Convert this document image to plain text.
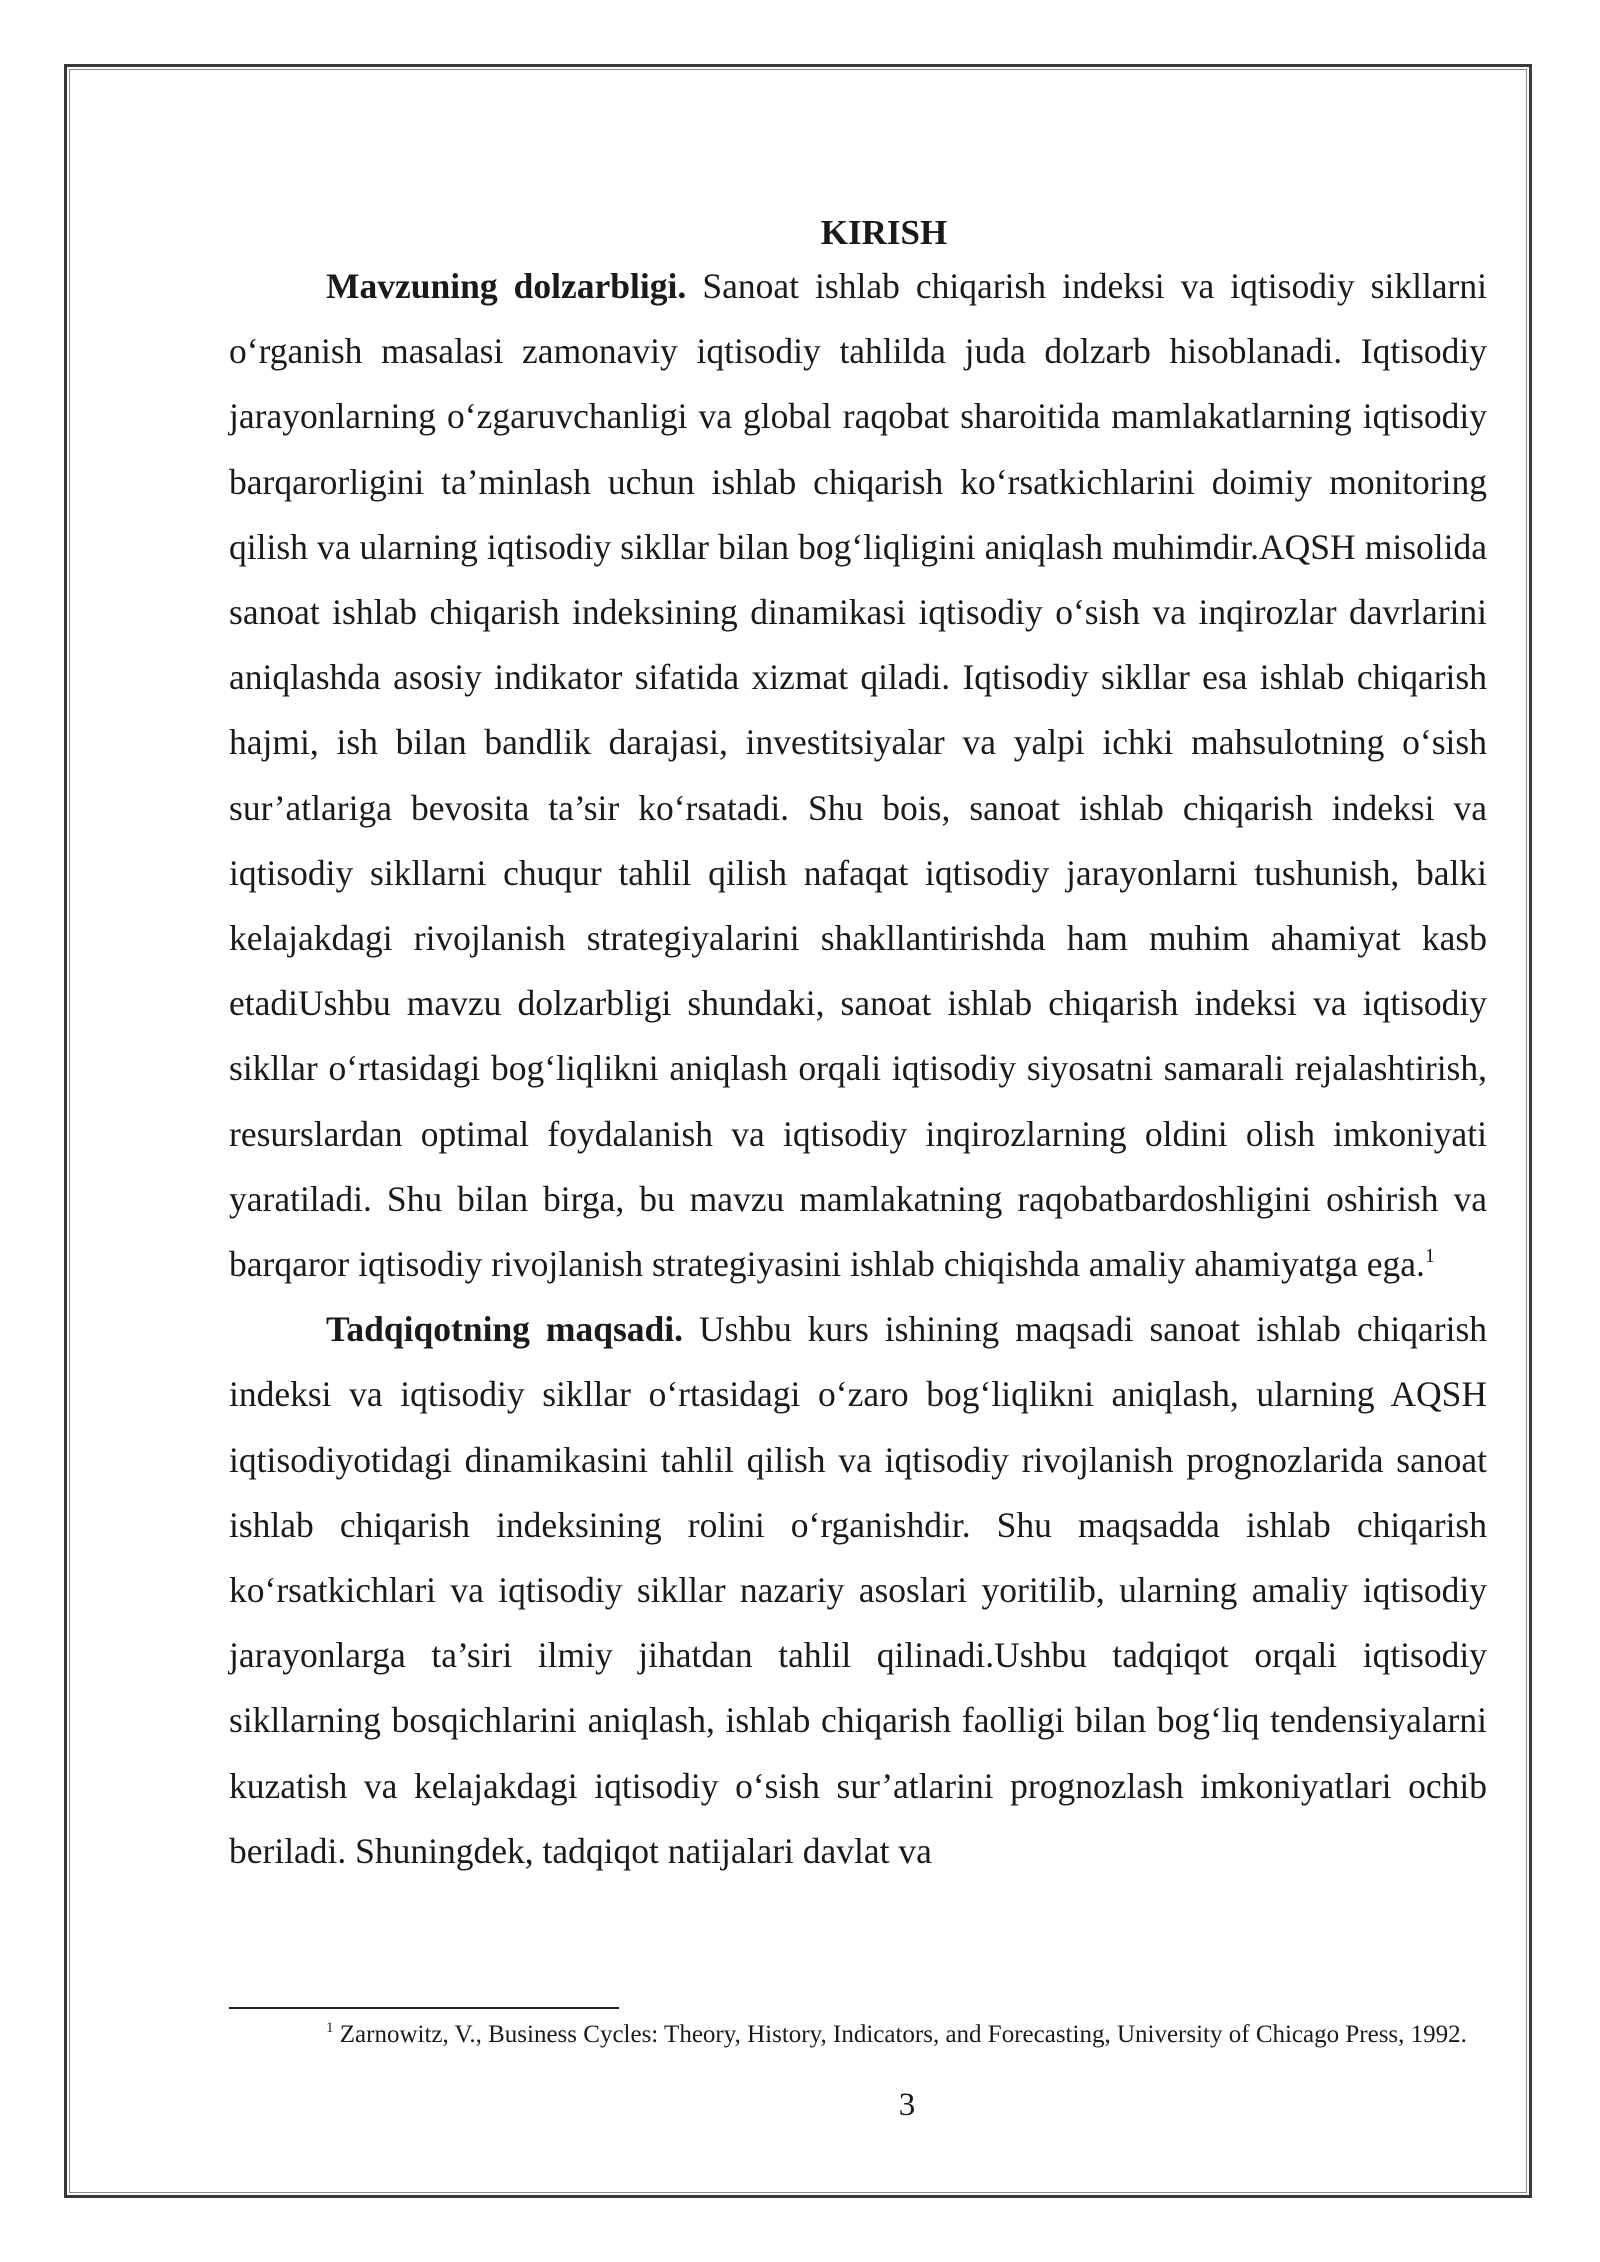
KIRISH

Mavzuning dolzarbligi. Sanoat ishlab chiqarish indeksi va iqtisodiy sikllarni o‘rganish masalasi zamonaviy iqtisodiy tahlilda juda dolzarb hisoblanadi. Iqtisodiy jarayonlarning o‘zgaruvchanligi va global raqobat sharoitida mamlakatlarning iqtisodiy barqarorligini ta’minlash uchun ishlab chiqarish ko‘rsatkichlarini doimiy monitoring qilish va ularning iqtisodiy sikllar bilan bog‘liqligini aniqlash muhimdir.AQSH misolida sanoat ishlab chiqarish indeksining dinamikasi iqtisodiy o‘sish va inqirozlar davrlarini aniqlashda asosiy indikator sifatida xizmat qiladi. Iqtisodiy sikllar esa ishlab chiqarish hajmi, ish bilan bandlik darajasi, investitsiyalar va yalpi ichki mahsulotning o‘sish sur’atlariga bevosita ta’sir ko‘rsatadi. Shu bois, sanoat ishlab chiqarish indeksi va iqtisodiy sikllarni chuqur tahlil qilish nafaqat iqtisodiy jarayonlarni tushunish, balki kelajakdagi rivojlanish strategiyalarini shakllantirishda ham muhim ahamiyat kasb etadiUshbu mavzu dolzarbligi shundaki, sanoat ishlab chiqarish indeksi va iqtisodiy sikllar o‘rtasidagi bog‘liqlikni aniqlash orqali iqtisodiy siyosatni samarali rejalashtirish, resurslardan optimal foydalanish va iqtisodiy inqirozlarning oldini olish imkoniyati yaratiladi. Shu bilan birga, bu mavzu mamlakatning raqobatbardoshligini oshirish va barqaror iqtisodiy rivojlanish strategiyasini ishlab chiqishda amaliy ahamiyatga ega.$^1$

Tadqiqotning maqsadi. Ushbu kurs ishining maqsadi sanoat ishlab chiqarish indeksi va iqtisodiy sikllar o‘rtasidagi o‘zaro bog‘liqlikni aniqlash, ularning AQSH iqtisodiyotidagi dinamikasini tahlil qilish va iqtisodiy rivojlanish prognozlarida sanoat ishlab chiqarish indeksining rolini o‘rganishdir. Shu maqsadda ishlab chiqarish ko‘rsatkichlari va iqtisodiy sikllar nazariy asoslari yoritilib, ularning amaliy iqtisodiy jarayonlarga ta’siri ilmiy jihatdan tahlil qilinadi.Ushbu tadqiqot orqali iqtisodiy sikllarning bosqichlarini aniqlash, ishlab chiqarish faolligi bilan bog‘liq tendensiyalarni kuzatish va kelajakdagi iqtisodiy o‘sish sur’atlarini prognozlash imkoniyatlari ochib beriladi. Shuningdek, tadqiqot natijalari davlat va

$^1$ Zarnowitz, V., Business Cycles: Theory, History, Indicators, and Forecasting, University of Chicago Press, 1992.
3
